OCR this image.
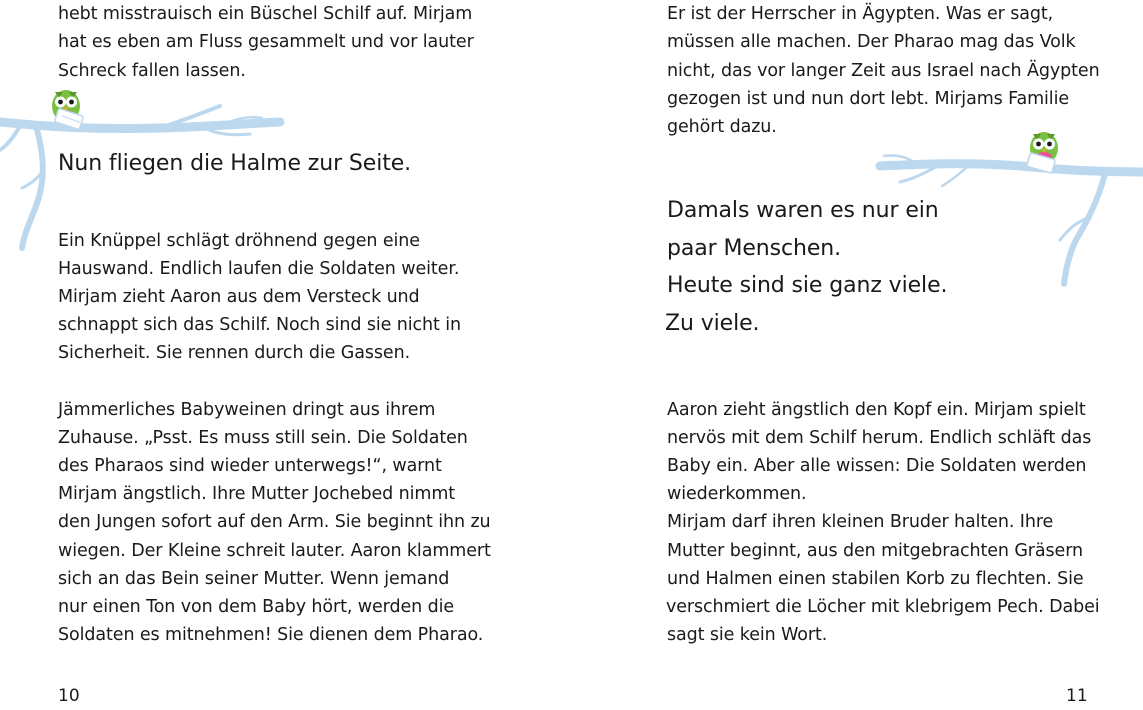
hebt misstrauisch ein Büschel Schilf auf. Mirjam
hat es eben am Fluss gesammelt und vor lauter
Schreck fallen lassen.
Nun fliegen die Halme zur Seite.
Ein Knüppel schlägt dröhnend gegen eine
Hauswand. Endlich laufen die Soldaten weiter.
Mirjam zieht Aaron aus dem Versteck und
schnappt sich das Schilf. Noch sind sie nicht in
Sicherheit. Sie rennen durch die Gassen.
Jämmerliches Babyweinen dringt aus ihrem
Zuhause. „Psst. Es muss still sein. Die Soldaten
des Pharaos sind wieder unterwegs!“, warnt
Mirjam ängstlich. Ihre Mutter Jochebed nimmt
den Jungen sofort auf den Arm. Sie beginnt ihn zu
wiegen. Der Kleine schreit lauter. Aaron klammert
sich an das Bein seiner Mutter. Wenn jemand
nur einen Ton von dem Baby hört, werden die
Soldaten es mitnehmen! Sie dienen dem Pharao.
10
Er ist der Herrscher in Ägypten. Was er sagt,
müssen alle machen. Der Pharao mag das Volk
nicht, das vor langer Zeit aus Israel nach Ägypten
gezogen ist und nun dort lebt. Mirjams Familie
gehört dazu.
Damals waren es nur ein
paar Menschen.
Heute sind sie ganz viele.
Zu viele.
Aaron zieht ängstlich den Kopf ein. Mirjam spielt
nervös mit dem Schilf herum. Endlich schläft das
Baby ein. Aber alle wissen: Die Soldaten werden
wiederkommen.
Mirjam darf ihren kleinen Bruder halten. Ihre
Mutter beginnt, aus den mitgebrachten Gräsern
und Halmen einen stabilen Korb zu flechten. Sie
verschmiert die Löcher mit klebrigem Pech. Dabei
sagt sie kein Wort.
11
